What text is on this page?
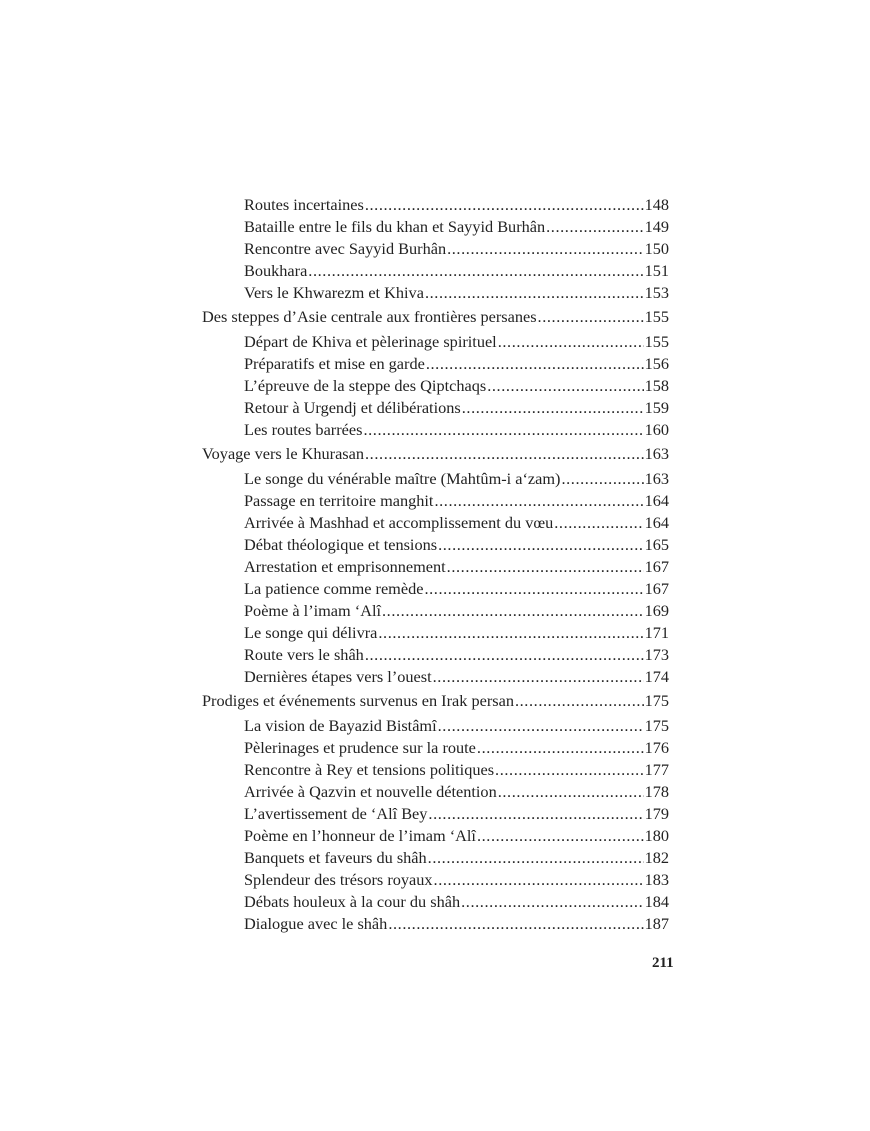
Routes incertaines .....	148
Bataille entre le fils du khan et Sayyid Burhân .....	149
Rencontre avec Sayyid Burhân .....	150
Boukhara .....	151
Vers le Khwarezm et Khiva .....	153
Des steppes d’Asie centrale aux frontières persanes .....	155
Départ de Khiva et pèlerinage spirituel .....	155
Préparatifs et mise en garde .....	156
L’épreuve de la steppe des Qiptchaqs .....	158
Retour à Urgendj et délibérations .....	159
Les routes barrées .....	160
Voyage vers le Khurasan .....	163
Le songe du vénérable maître (Mahtûm-i a‘zam) .....	163
Passage en territoire manghit .....	164
Arrivée à Mashhad et accomplissement du vœu .....	164
Débat théologique et tensions .....	165
Arrestation et emprisonnement .....	167
La patience comme remède .....	167
Poème à l’imam ‘Alî .....	169
Le songe qui délivra .....	171
Route vers le shâh .....	173
Dernières étapes vers l’ouest .....	174
Prodiges et événements survenus en Irak persan .....	175
La vision de Bayazid Bistâmî .....	175
Pèlerinages et prudence sur la route .....	176
Rencontre à Rey et tensions politiques .....	177
Arrivée à Qazvin et nouvelle détention .....	178
L’avertissement de ‘Alî Bey .....	179
Poème en l’honneur de l’imam ‘Alî .....	180
Banquets et faveurs du shâh .....	182
Splendeur des trésors royaux .....	183
Débats houleux à la cour du shâh .....	184
Dialogue avec le shâh .....	187
211
